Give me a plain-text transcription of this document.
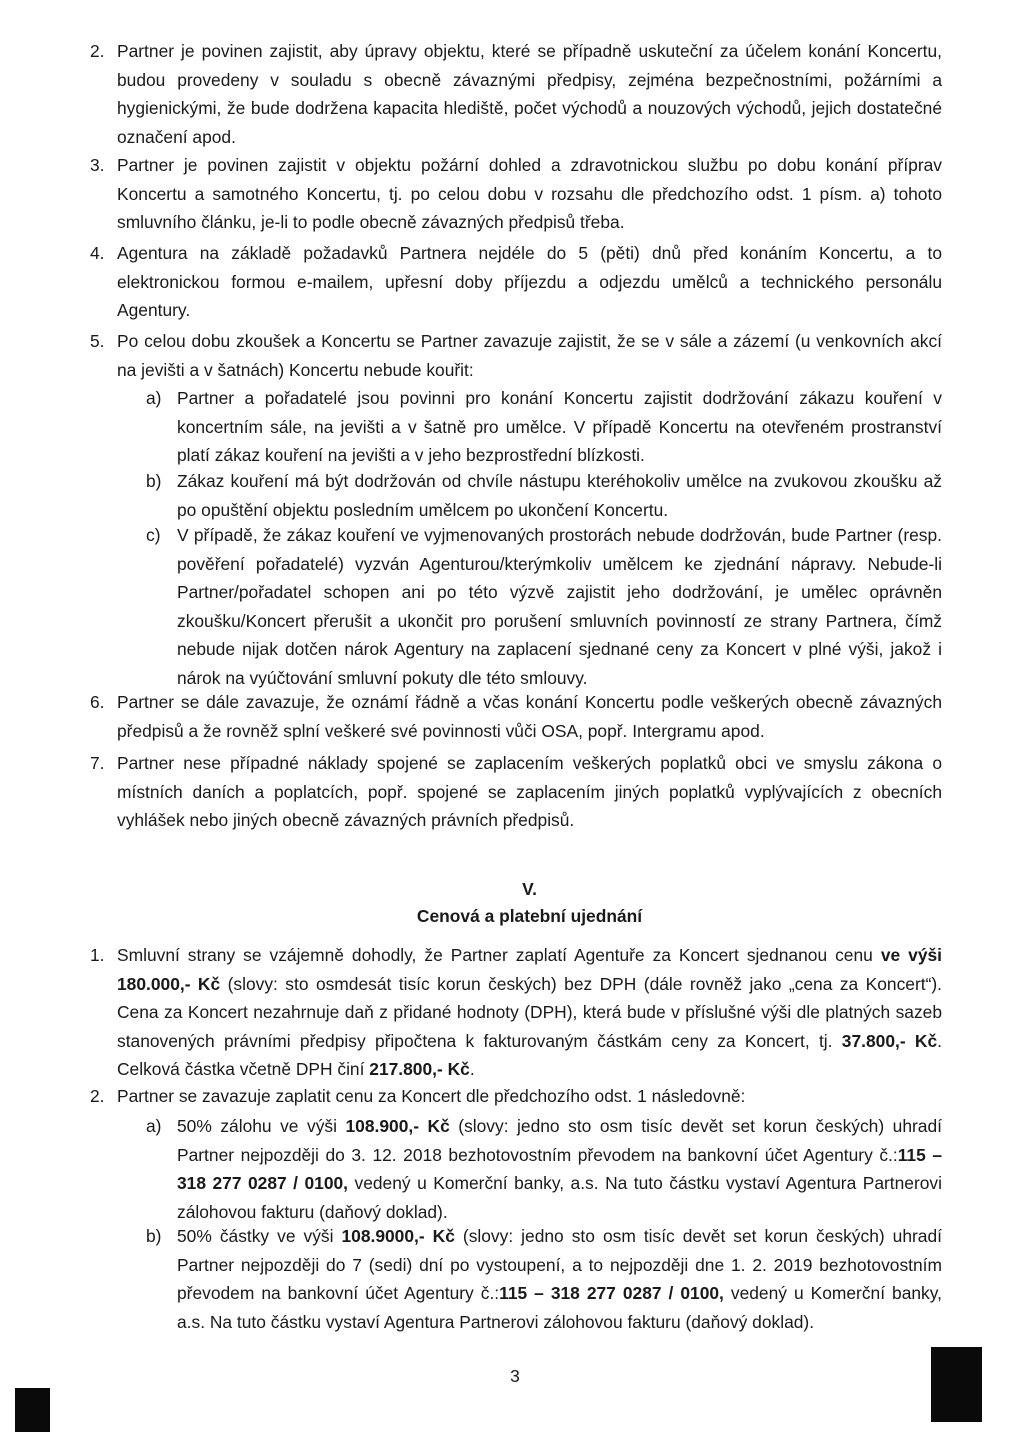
2. Partner je povinen zajistit, aby úpravy objektu, které se případně uskuteční za účelem konání Koncertu, budou provedeny v souladu s obecně závaznými předpisy, zejména bezpečnostními, požárními a hygienickými, že bude dodržena kapacita hlediště, počet východů a nouzových východů, jejich dostatečné označení apod.
3. Partner je povinen zajistit v objektu požární dohled a zdravotnickou službu po dobu konání příprav Koncertu a samotného Koncertu, tj. po celou dobu v rozsahu dle předchozího odst. 1 písm. a) tohoto smluvního článku, je-li to podle obecně závazných předpisů třeba.
4. Agentura na základě požadavků Partnera nejdéle do 5 (pěti) dnů před konáním Koncertu, a to elektronickou formou e-mailem, upřesní doby příjezdu a odjezdu umělců a technického personálu Agentury.
5. Po celou dobu zkoušek a Koncertu se Partner zavazuje zajistit, že se v sále a zázemí (u venkovních akcí na jevišti a v šatnách) Koncertu nebude kouřit:
a) Partner a pořadatelé jsou povinni pro konání Koncertu zajistit dodržování zákazu kouření v koncertním sále, na jevišti a v šatně pro umělce. V případě Koncertu na otevřeném prostranství platí zákaz kouření na jevišti a v jeho bezprostřední blízkosti.
b) Zákaz kouření má být dodržován od chvíle nástupu kteréhokoliv umělce na zvukovou zkoušku až po opuštění objektu posledním umělcem po ukončení Koncertu.
c) V případě, že zákaz kouření ve vyjmenovaných prostorách nebude dodržován, bude Partner (resp. pověření pořadatelé) vyzván Agenturou/kterýmkoliv umělcem ke zjednání nápravy. Nebude-li Partner/pořadatel schopen ani po této výzvě zajistit jeho dodržování, je umělec oprávněn zkoušku/Koncert přerušit a ukončit pro porušení smluvních povinností ze strany Partnera, čímž nebude nijak dotčen nárok Agentury na zaplacení sjednané ceny za Koncert v plné výši, jakož i nárok na vyúčtování smluvní pokuty dle této smlouvy.
6. Partner se dále zavazuje, že oznámí řádně a včas konání Koncertu podle veškerých obecně závazných předpisů a že rovněž splní veškeré své povinnosti vůči OSA, popř. Intergramu apod.
7. Partner nese případné náklady spojené se zaplacením veškerých poplatků obci ve smyslu zákona o místních daních a poplatcích, popř. spojené se zaplacením jiných poplatků vyplývajících z obecních vyhlášek nebo jiných obecně závazných právních předpisů.
V.
Cenová a platební ujednání
1. Smluvní strany se vzájemně dohodly, že Partner zaplatí Agentuře za Koncert sjednanou cenu ve výši 180.000,- Kč (slovy: sto osmdesát tisíc korun českých) bez DPH (dále rovněž jako „cena za Koncert“). Cena za Koncert nezahrnuje daň z přidané hodnoty (DPH), která bude v příslušné výši dle platných sazeb stanovených právními předpisy připočtena k fakturovaným částkám ceny za Koncert, tj. 37.800,- Kč. Celková částka včetně DPH činí 217.800,- Kč.
2. Partner se zavazuje zaplatit cenu za Koncert dle předchozího odst. 1 následovně:
a) 50% zálohu ve výši 108.900,- Kč (slovy: jedno sto osm tisíc devět set korun českých) uhradí Partner nejpozději do 3. 12. 2018 bezhotovostním převodem na bankovní účet Agentury č.:115 – 318 277 0287 / 0100, vedený u Komerční banky, a.s. Na tuto částku vystaví Agentura Partnerovi zálohovou fakturu (daňový doklad).
b) 50% částky ve výši 108.9000,- Kč (slovy: jedno sto osm tisíc devět set korun českých) uhradí Partner nejpozději do 7 (sedi) dní po vystoupení, a to nejpozději dne 1. 2. 2019 bezhotovostním převodem na bankovní účet Agentury č.:115 – 318 277 0287 / 0100, vedený u Komerční banky, a.s. Na tuto částku vystaví Agentura Partnerovi zálohovou fakturu (daňový doklad).
3
